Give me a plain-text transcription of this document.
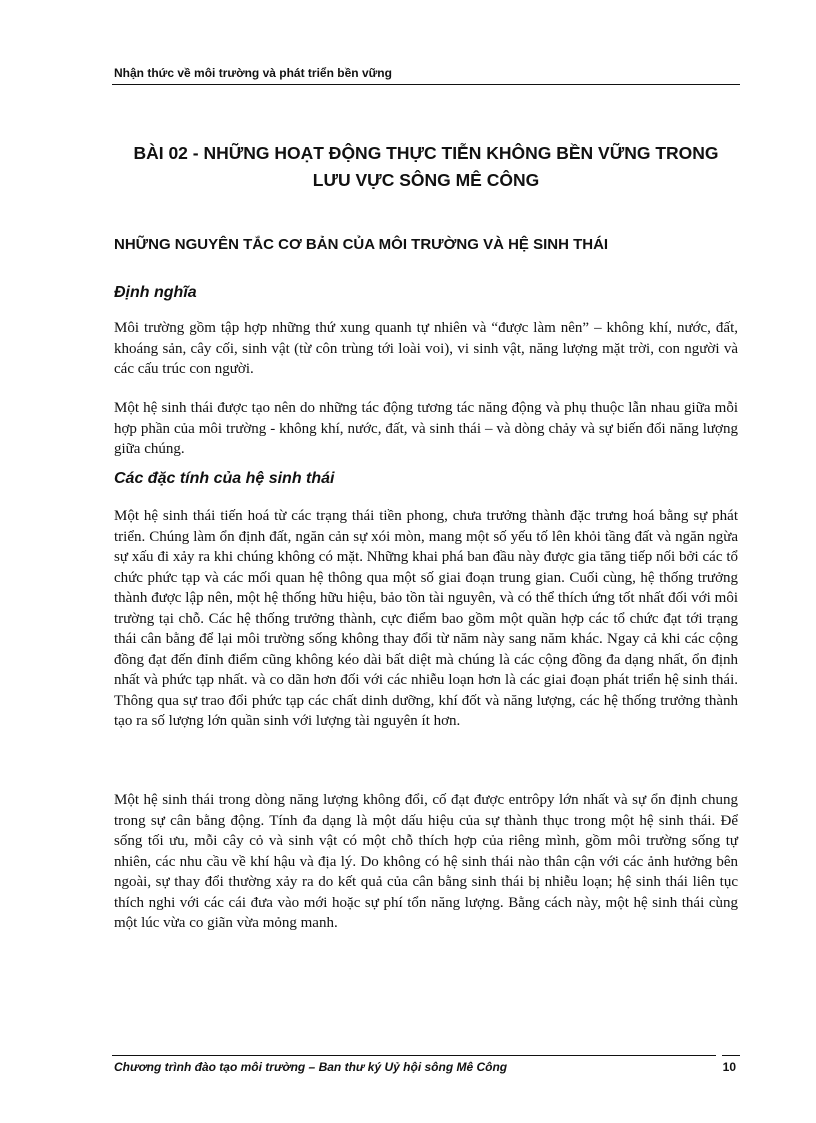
Nhận thức về môi trường và phát triển bền vững
BÀI 02 - NHỮNG HOẠT ĐỘNG THỰC TIỄN KHÔNG BỀN VỮNG TRONG
LƯU VỰC SÔNG MÊ CÔNG
NHỮNG NGUYÊN TẮC CƠ BẢN CỦA MÔI TRƯỜNG VÀ HỆ SINH THÁI
Định nghĩa

Môi trường gồm tập hợp những thứ xung quanh tự nhiên và “được làm nên” – không khí, nước, đất, khoáng sản, cây cối, sinh vật (từ côn trùng tới loài voi), vi sinh vật, năng lượng mặt trời, con người và các cấu trúc con người.

Một hệ sinh thái được tạo nên do những tác động tương tác năng động và phụ thuộc lẫn nhau giữa mỗi hợp phần của môi trường - không khí, nước, đất, và sinh thái – và dòng chảy và sự biến đổi năng lượng giữa chúng.

Các đặc tính của hệ sinh thái

Một hệ sinh thái tiến hoá từ các trạng thái tiền phong, chưa trưởng thành đặc trưng hoá bằng sự phát triển. Chúng làm ổn định đất, ngăn cản sự xói mòn, mang một số yếu tố lên khỏi tầng đất và ngăn ngừa sự xấu đi xảy ra khi chúng không có mặt. Những khai phá ban đầu này được gia tăng tiếp nối bởi các tổ chức phức tạp và các mối quan hệ thông qua một số giai đoạn trung gian. Cuối cùng, hệ thống trưởng thành được lập nên, một hệ thống hữu hiệu, bảo tồn tài nguyên, và có thể thích ứng tốt nhất đối với môi trường tại chỗ. Các hệ thống trưởng thành, cực điểm bao gồm một quần hợp các tổ chức đạt tới trạng thái cân bằng để lại môi trường sống không thay đổi từ năm này sang năm khác. Ngay cả khi các cộng đồng đạt đến đỉnh điểm cũng không kéo dài bất diệt mà chúng là các cộng đồng đa dạng nhất, ổn định nhất và phức tạp nhất. và co dãn hơn đối với các nhiễu loạn hơn là các giai đoạn phát triển hệ sinh thái. Thông qua sự trao đổi phức tạp các chất dinh dưỡng, khí đốt và năng lượng, các hệ thống trưởng thành tạo ra số lượng lớn quần sinh với lượng tài nguyên ít hơn.

Một hệ sinh thái trong dòng năng lượng không đổi, cố đạt được entrôpy lớn nhất và sự ổn định chung trong sự cân bằng động. Tính đa dạng là một dấu hiệu của sự thành thục trong một hệ sinh thái. Để sống tối ưu, mỗi cây cỏ và sinh vật có một chỗ thích hợp của riêng mình, gồm môi trường sống tự nhiên, các nhu cầu về khí hậu và địa lý. Do không có hệ sinh thái nào thân cận với các ảnh hưởng bên ngoài, sự thay đổi thường xảy ra do kết quả của cân bằng sinh thái bị nhiễu loạn; hệ sinh thái liên tục thích nghi với các cái đưa vào mới hoặc sự phí tổn năng lượng. Bằng cách này, một hệ sinh thái cùng một lúc vừa co giãn vừa mỏng manh.

Chương trình đào tạo môi trường – Ban thư ký Uỷ hội sông Mê Công	10
